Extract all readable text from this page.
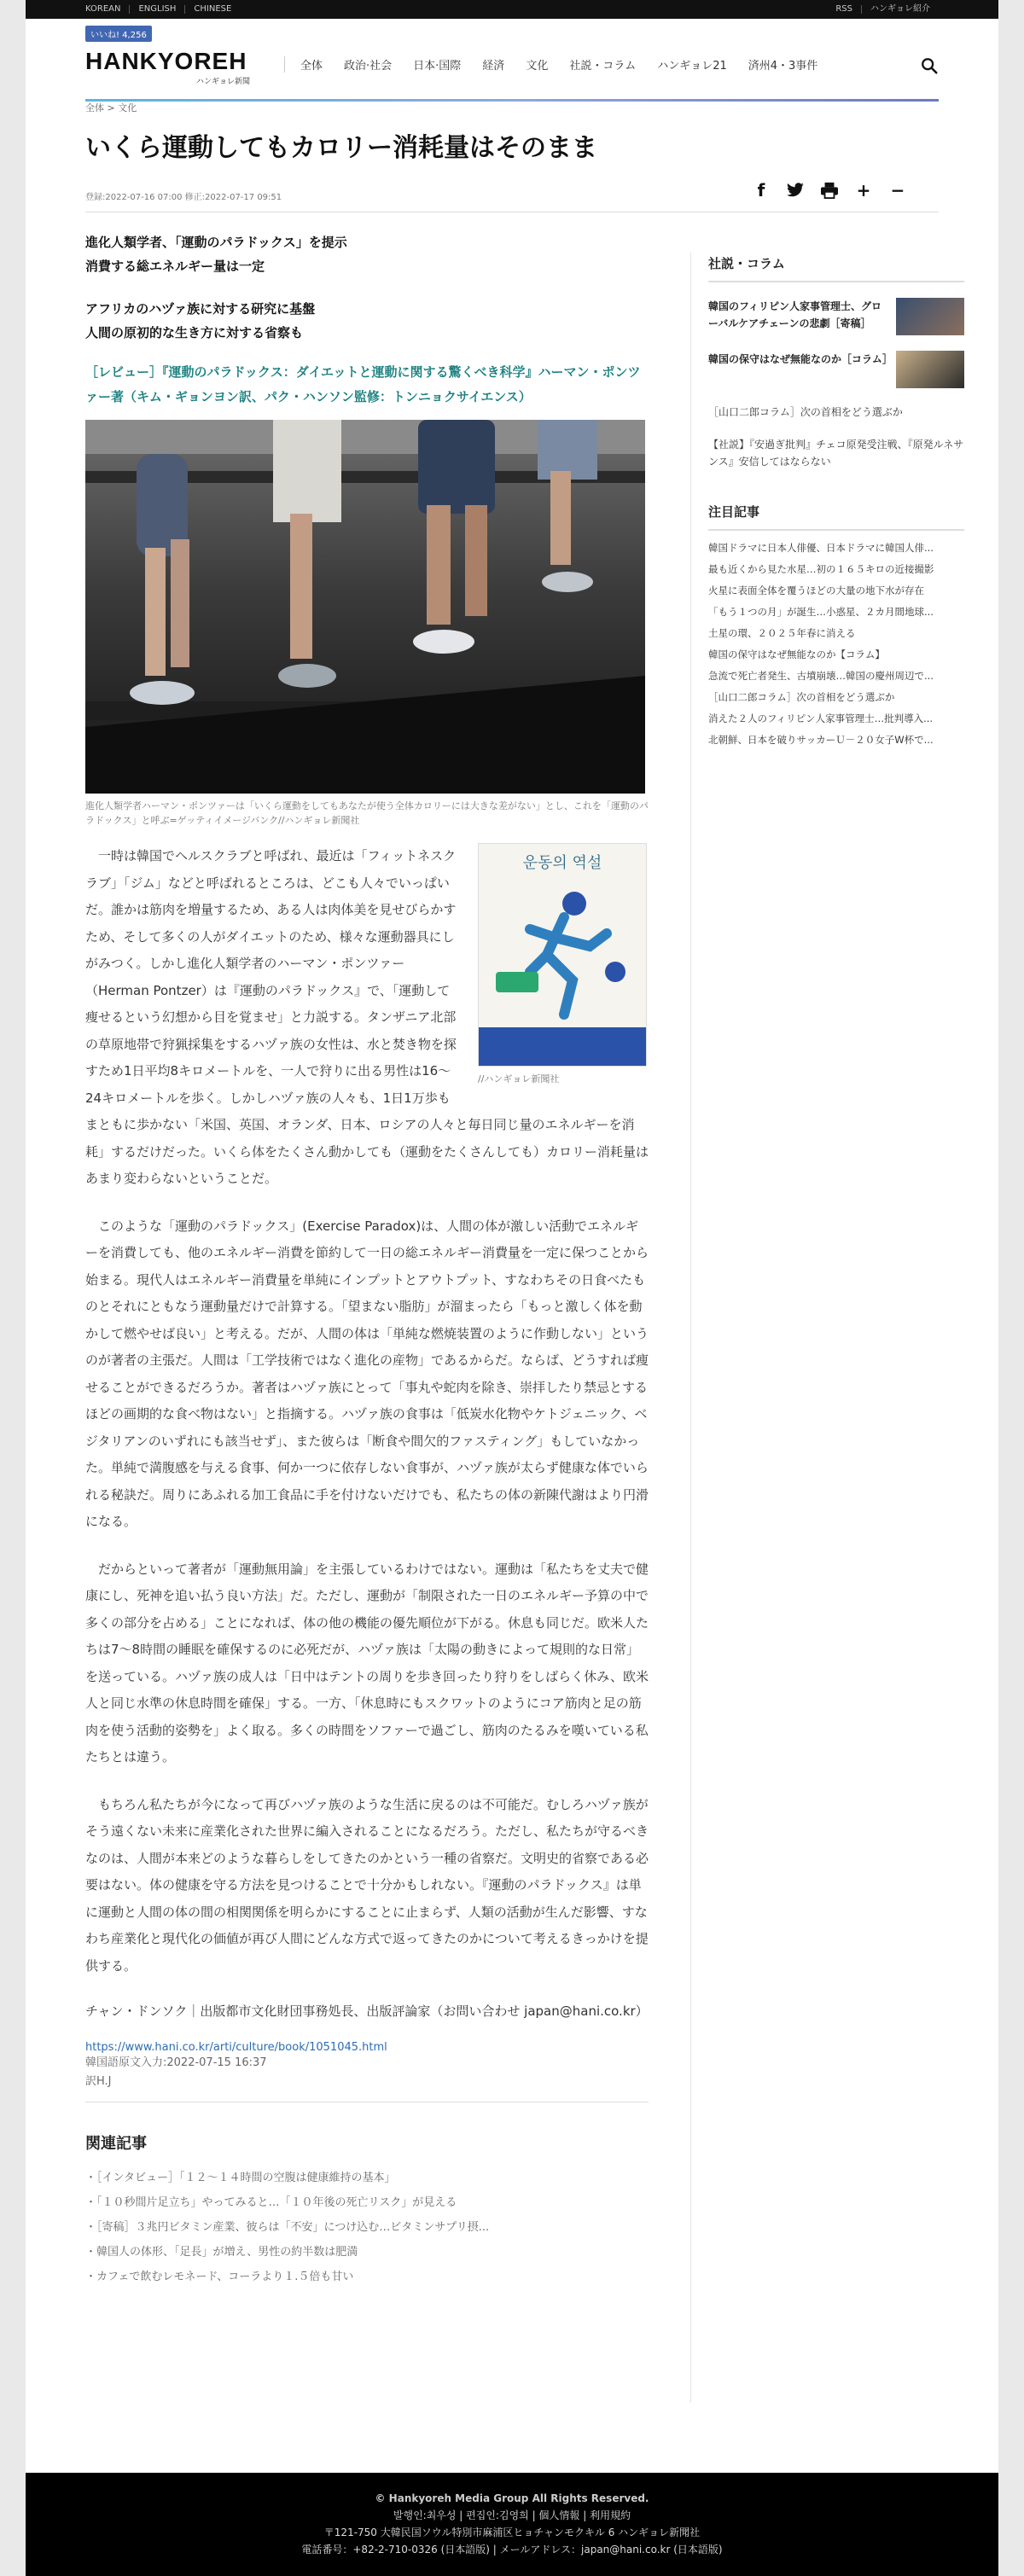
KOREAN	ENGLISH	CHINESE	RSS	ハンギョレ紹介
いいね! 4,256
HANKYOREH
ハンギョレ新聞
全体 政治·社会 日本·国際 経済 文化 社説・コラム ハンギョレ21 済州4・3事件
全体 > 文化
いくら運動してもカロリー消耗量はそのまま
登録:2022-07-16 07:00 修正:2022-07-17 09:51	f	+ −
進化人類学者、「運動のパラドックス」を提示
消費する総エネルギー量は一定
アフリカのハヅァ族に対する研究に基盤
人間の原初的な生き方に対する省察も
［レビュー］『運動のパラドックス：ダイエットと運動に関する驚くべき科学』ハーマン・ポンツァー著（キム・ギョンヨン訳、パク・ハンソン監修：トンニョクサイエンス）
進化人類学者ハーマン・ポンツァーは「いくら運動をしてもあなたが使う全体カロリーには大きな差がない」とし、これを「運動のパラドックス」と呼ぶ=ゲッティイメージバンク//ハンギョレ新聞社
운동의 역설
//ハンギョレ新聞社

一時は韓国でヘルスクラブと呼ばれ、最近は「フィットネスクラブ」「ジム」などと呼ばれるところは、どこも人々でいっぱいだ。誰かは筋肉を増量するため、ある人は肉体美を見せびらかすため、そして多くの人がダイエットのため、様々な運動器具にしがみつく。しかし進化人類学者のハーマン・ポンツァー（Herman Pontzer）は『運動のパラドックス』で、「運動して痩せるという幻想から目を覚ませ」と力説する。タンザニア北部の草原地帯で狩猟採集をするハヅァ族の女性は、水と焚き物を探すため1日平均8キロメートルを、一人で狩りに出る男性は16〜24キロメートルを歩く。しかしハヅァ族の人々も、1日1万歩もまともに歩かない「米国、英国、オランダ、日本、ロシアの人々と毎日同じ量のエネルギーを消耗」するだけだった。いくら体をたくさん動かしても（運動をたくさんしても）カロリー消耗量はあまり変わらないということだ。

このような「運動のパラドックス」(Exercise Paradox)は、人間の体が激しい活動でエネルギーを消費しても、他のエネルギー消費を節約して一日の総エネルギー消費量を一定に保つことから始まる。現代人はエネルギー消費量を単純にインプットとアウトプット、すなわちその日食べたものとそれにともなう運動量だけで計算する。「望まない脂肪」が溜まったら「もっと激しく体を動かして燃やせば良い」と考える。だが、人間の体は「単純な燃焼装置のように作動しない」というのが著者の主張だ。人間は「工学技術ではなく進化の産物」であるからだ。ならば、どうすれば痩せることができるだろうか。著者はハヅァ族にとって「事丸や蛇肉を除き、崇拝したり禁忌とするほどの画期的な食べ物はない」と指摘する。ハヅァ族の食事は「低炭水化物やケトジェニック、ベジタリアンのいずれにも該当せず」、また彼らは「断食や間欠的ファスティング」もしていなかった。単純で満腹感を与える食事、何か一つに依存しない食事が、ハヅァ族が太らず健康な体でいられる秘訣だ。周りにあふれる加工食品に手を付けないだけでも、私たちの体の新陳代謝はより円滑になる。

だからといって著者が「運動無用論」を主張しているわけではない。運動は「私たちを丈夫で健康にし、死神を追い払う良い方法」だ。ただし、運動が「制限された一日のエネルギー予算の中で多くの部分を占める」ことになれば、体の他の機能の優先順位が下がる。休息も同じだ。欧米人たちは7〜8時間の睡眠を確保するのに必死だが、ハヅァ族は「太陽の動きによって規則的な日常」を送っている。ハヅァ族の成人は「日中はテントの周りを歩き回ったり狩りをしばらく休み、欧米人と同じ水準の休息時間を確保」する。一方、「休息時にもスクワットのようにコア筋肉と足の筋肉を使う活動的姿勢を」よく取る。多くの時間をソファーで過ごし、筋肉のたるみを嘆いている私たちとは違う。

もちろん私たちが今になって再びハヅァ族のような生活に戻るのは不可能だ。むしろハヅァ族がそう遠くない未来に産業化された世界に編入されることになるだろう。ただし、私たちが守るべきなのは、人間が本来どのような暮らしをしてきたのかという一種の省察だ。文明史的省察である必要はない。体の健康を守る方法を見つけることで十分かもしれない。『運動のパラドックス』は単に運動と人間の体の間の相関関係を明らかにすることに止まらず、人類の活動が生んだ影響、すなわち産業化と現代化の価値が再び人間にどんな方式で返ってきたのかについて考えるきっかけを提供する。

チャン・ドンソク｜出版都市文化財団事務処長、出版評論家（お問い合わせ japan@hani.co.kr）
https://www.hani.co.kr/arti/culture/book/1051045.html
韓国語原文入力:2022-07-15 16:37
訳H.J
関連記事
・［インタビュー］「１２～１４時間の空腹は健康維持の基本」
・「１０秒間片足立ち」やってみると…「１０年後の死亡リスク」が見える
・［寄稿］３兆円ビタミン産業、彼らは「不安」につけ込む…ビタミンサプリ摂...
・韓国人の体形、「足長」が増え、男性の約半数は肥満
・カフェで飲むレモネード、コーラより１.５倍も甘い
社説・コラム
韓国のフィリピン人家事管理士、グローバルケアチェーンの悲劇［寄稿］
韓国の保守はなぜ無能なのか［コラム］
［山口二郎コラム］次の首相をどう選ぶか
【社説】『安過ぎ批判』チェコ原発受注戦、『原発ルネサンス』安信してはならない
注目記事
韓国ドラマに日本人俳優、日本ドラマに韓国人俳...
最も近くから見た水星…初の１６５キロの近接撮影
火星に表面全体を覆うほどの大量の地下水が存在
「もう１つの月」が誕生…小惑星、２カ月間地球...
土星の環、２０２５年春に消える
韓国の保守はなぜ無能なのか【コラム】
急流で死亡者発生、古墳崩壊…韓国の慶州周辺で...
［山口二郎コラム］次の首相をどう選ぶか
消えた２人のフィリピン人家事管理士…批判導入...
北朝鮮、日本を破りサッカーＵ－２０女子W杯で...
© Hankyoreh Media Group All Rights Reserved.
발행인:최우성 | 편집인:김영희 | 個人情報 | 利用規約
〒121-750 大韓民国ソウル特別市麻浦区ヒョチャンモクキル 6 ハンギョレ新聞社
電話番号：+82-2-710-0326 (日本語版) | メールアドレス：japan@hani.co.kr (日本語版)
